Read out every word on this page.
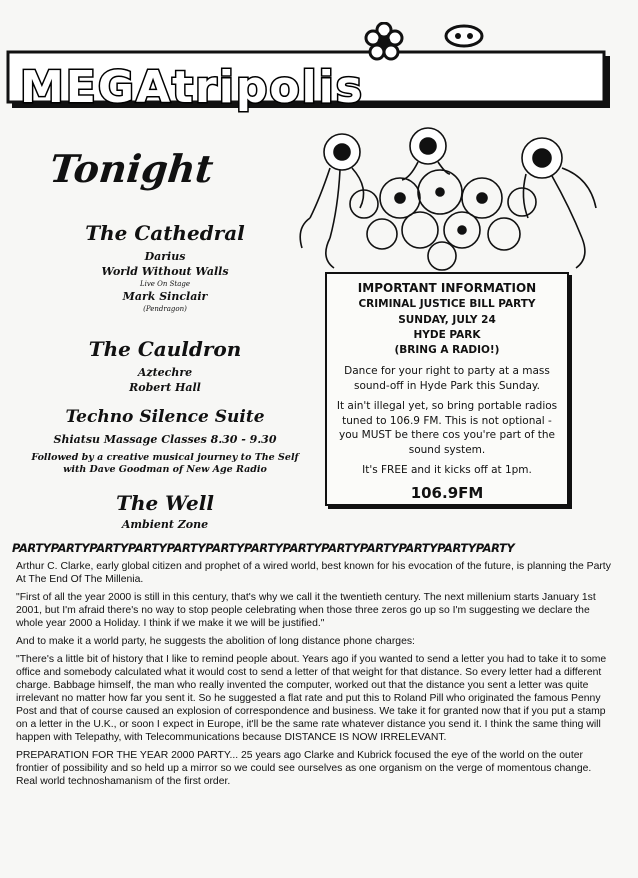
MEGAtripolis
Tonight
The Cathedral
Darius
World Without Walls
Live On Stage
Mark Sinclair
(Pendragon)
The Cauldron
Aztechre
Robert Hall
Techno Silence Suite
Shiatsu Massage Classes 8.30 - 9.30
Followed by a creative musical journey to The Self
with Dave Goodman of New Age Radio
The Well
Ambient Zone
IMPORTANT INFORMATION
CRIMINAL JUSTICE BILL PARTY
SUNDAY, JULY 24
HYDE PARK
(BRING A RADIO!)

Dance for your right to party at a mass sound-off in Hyde Park this Sunday.

It ain't illegal yet, so bring portable radios tuned to 106.9 FM. This is not optional - you MUST be there cos you're part of the sound system.

It's FREE and it kicks off at 1pm.

106.9FM
PARTYPARTYPARTYPARTYPARTYPARTYPARTYPARTYPARTYPARTYPARTYPARTYPARTY

Arthur C. Clarke, early global citizen and prophet of a wired world, best known for his evocation of the future, is planning the Party At The End Of The Millenia.

"First of all the year 2000 is still in this century, that's why we call it the twentieth century. The next millenium starts January 1st 2001, but I'm afraid there's no way to stop people celebrating when those three zeros go up so I'm suggesting we declare the whole year 2000 a Holiday. I think if we make it we will be justified."

And to make it a world party, he suggests the abolition of long distance phone charges:

"There's a little bit of history that I like to remind people about. Years ago if you wanted to send a letter you had to take it to some office and somebody calculated what it would cost to send a letter of that weight for that distance. So every letter had a different charge. Babbage himself, the man who really invented the computer, worked out that the distance you sent a letter was quite irrelevant no matter how far you sent it. So he suggested a flat rate and put this to Roland Pill who originated the famous Penny Post and that of course caused an explosion of correspondence and business. We take it for granted now that if you put a stamp on a letter in the U.K., or soon I expect in Europe, it'll be the same rate whatever distance you send it. I think the same thing will happen with Telepathy, with Telecommunications because DISTANCE IS NOW IRRELEVANT.

PREPARATION FOR THE YEAR 2000 PARTY... 25 years ago Clarke and Kubrick focused the eye of the world on the outer frontier of possibility and so held up a mirror so we could see ourselves as one organism on the verge of momentous change. Real world technoshamanism of the first order.
